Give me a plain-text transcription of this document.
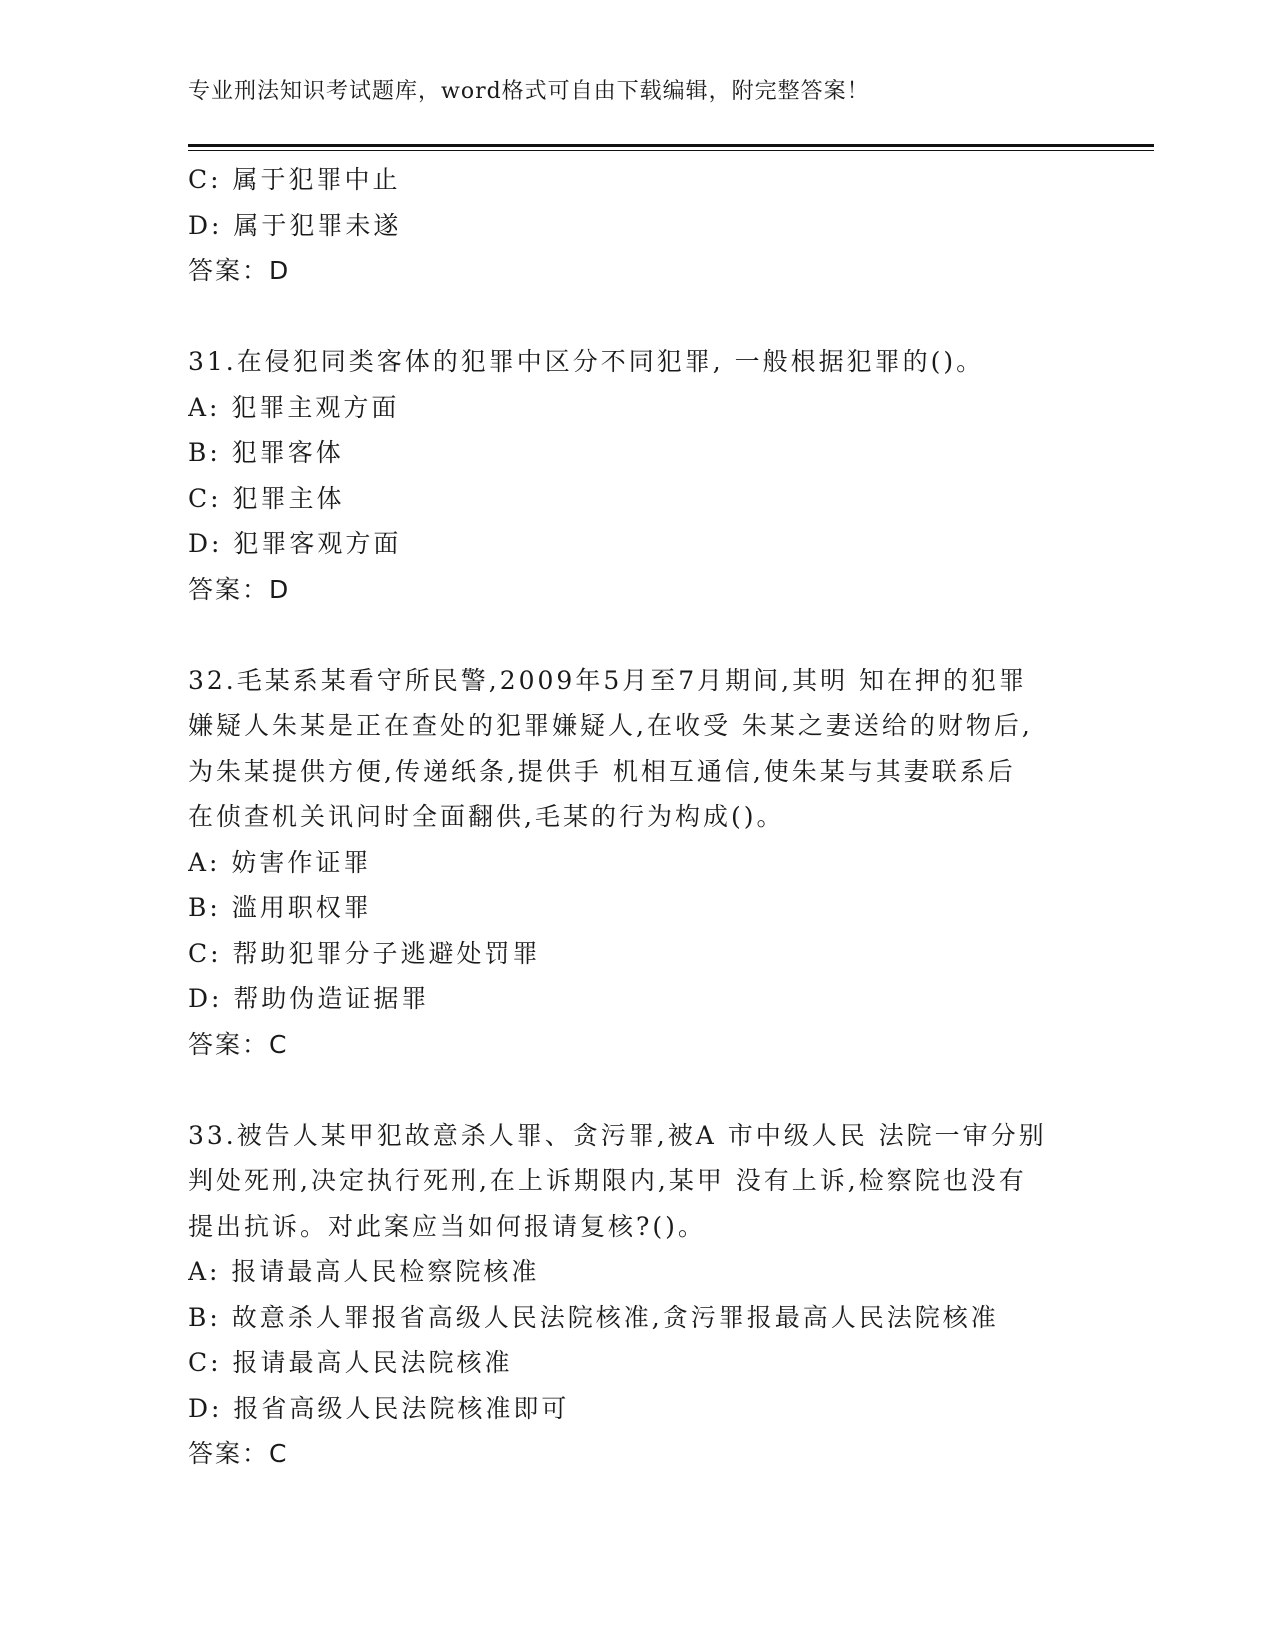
专业刑法知识考试题库，word格式可自由下载编辑，附完整答案！
C: 属于犯罪中止
D: 属于犯罪未遂
答案：D
31.在侵犯同类客体的犯罪中区分不同犯罪, 一般根据犯罪的()。
A: 犯罪主观方面
B: 犯罪客体
C: 犯罪主体
D: 犯罪客观方面
答案：D
32.毛某系某看守所民警,2009年5月至7月期间,其明 知在押的犯罪
嫌疑人朱某是正在查处的犯罪嫌疑人,在收受 朱某之妻送给的财物后,
为朱某提供方便,传递纸条,提供手 机相互通信,使朱某与其妻联系后
在侦查机关讯问时全面翻供,毛某的行为构成()。
A: 妨害作证罪
B: 滥用职权罪
C: 帮助犯罪分子逃避处罚罪
D: 帮助伪造证据罪
答案：C
33.被告人某甲犯故意杀人罪、贪污罪,被A 市中级人民 法院一审分别
判处死刑,决定执行死刑,在上诉期限内,某甲 没有上诉,检察院也没有
提出抗诉。对此案应当如何报请复核?()。
A: 报请最高人民检察院核准
B: 故意杀人罪报省高级人民法院核准,贪污罪报最高人民法院核准
C: 报请最高人民法院核准
D: 报省高级人民法院核准即可
答案：C
